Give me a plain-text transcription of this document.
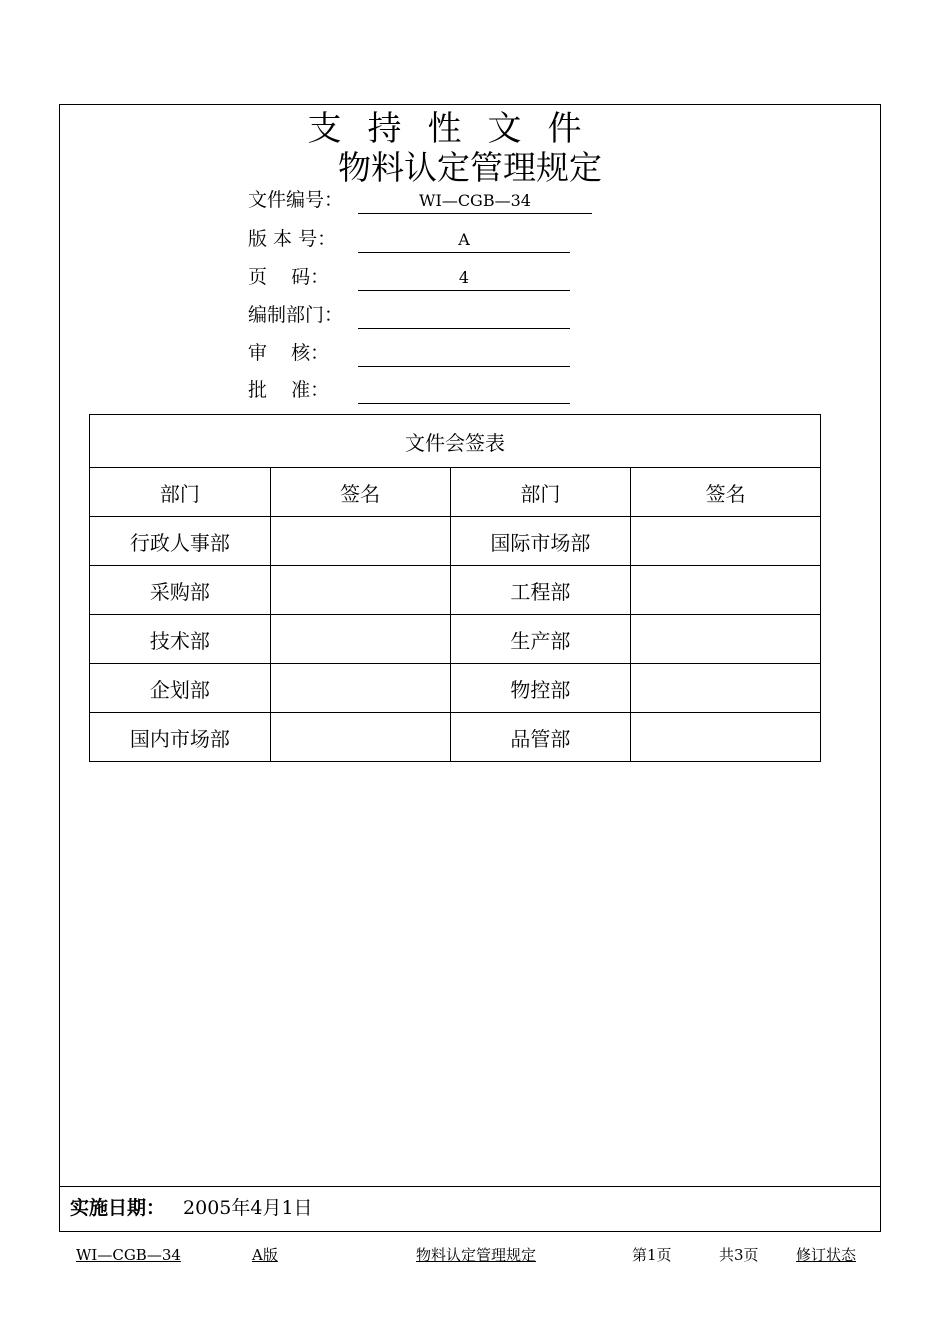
支持性文件
物料认定管理规定
文件编号：	WI—CGB—34
版 本 号：	A
页    码：	4
编制部门：
审    核：
批    准：
文件会签表			
部门	签名	部门	签名
行政人事部		国际市场部	
采购部		工程部	
技术部		生产部	
企划部		物控部	
国内市场部		品管部	
实施日期： 2005年4月1日
WI—CGB—34	A版	物料认定管理规定	第1页	共3页 修订状态
